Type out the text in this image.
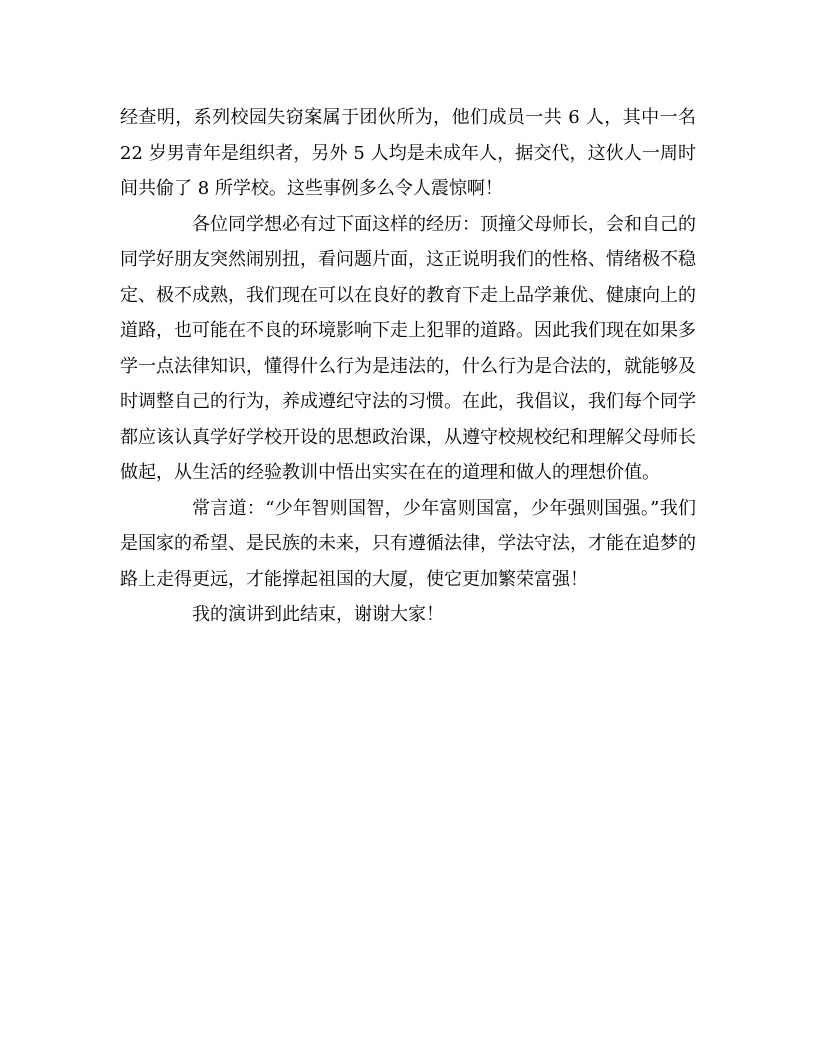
经查明，系列校园失窃案属于团伙所为，他们成员一共 6 人，其中一名22 岁男青年是组织者，另外 5 人均是未成年人，据交代，这伙人一周时间共偷了 8 所学校。这些事例多么令人震惊啊！

各位同学想必有过下面这样的经历：顶撞父母师长，会和自己的同学好朋友突然闹别扭，看问题片面，这正说明我们的性格、情绪极不稳定、极不成熟，我们现在可以在良好的教育下走上品学兼优、健康向上的道路，也可能在不良的环境影响下走上犯罪的道路。因此我们现在如果多学一点法律知识，懂得什么行为是违法的，什么行为是合法的，就能够及时调整自己的行为，养成遵纪守法的习惯。在此，我倡议，我们每个同学都应该认真学好学校开设的思想政治课，从遵守校规校纪和理解父母师长做起，从生活的经验教训中悟出实实在在的道理和做人的理想价值。

常言道：“少年智则国智，少年富则国富，少年强则国强。”我们是国家的希望、是民族的未来，只有遵循法律，学法守法，才能在追梦的路上走得更远，才能撑起祖国的大厦，使它更加繁荣富强！

我的演讲到此结束，谢谢大家！
